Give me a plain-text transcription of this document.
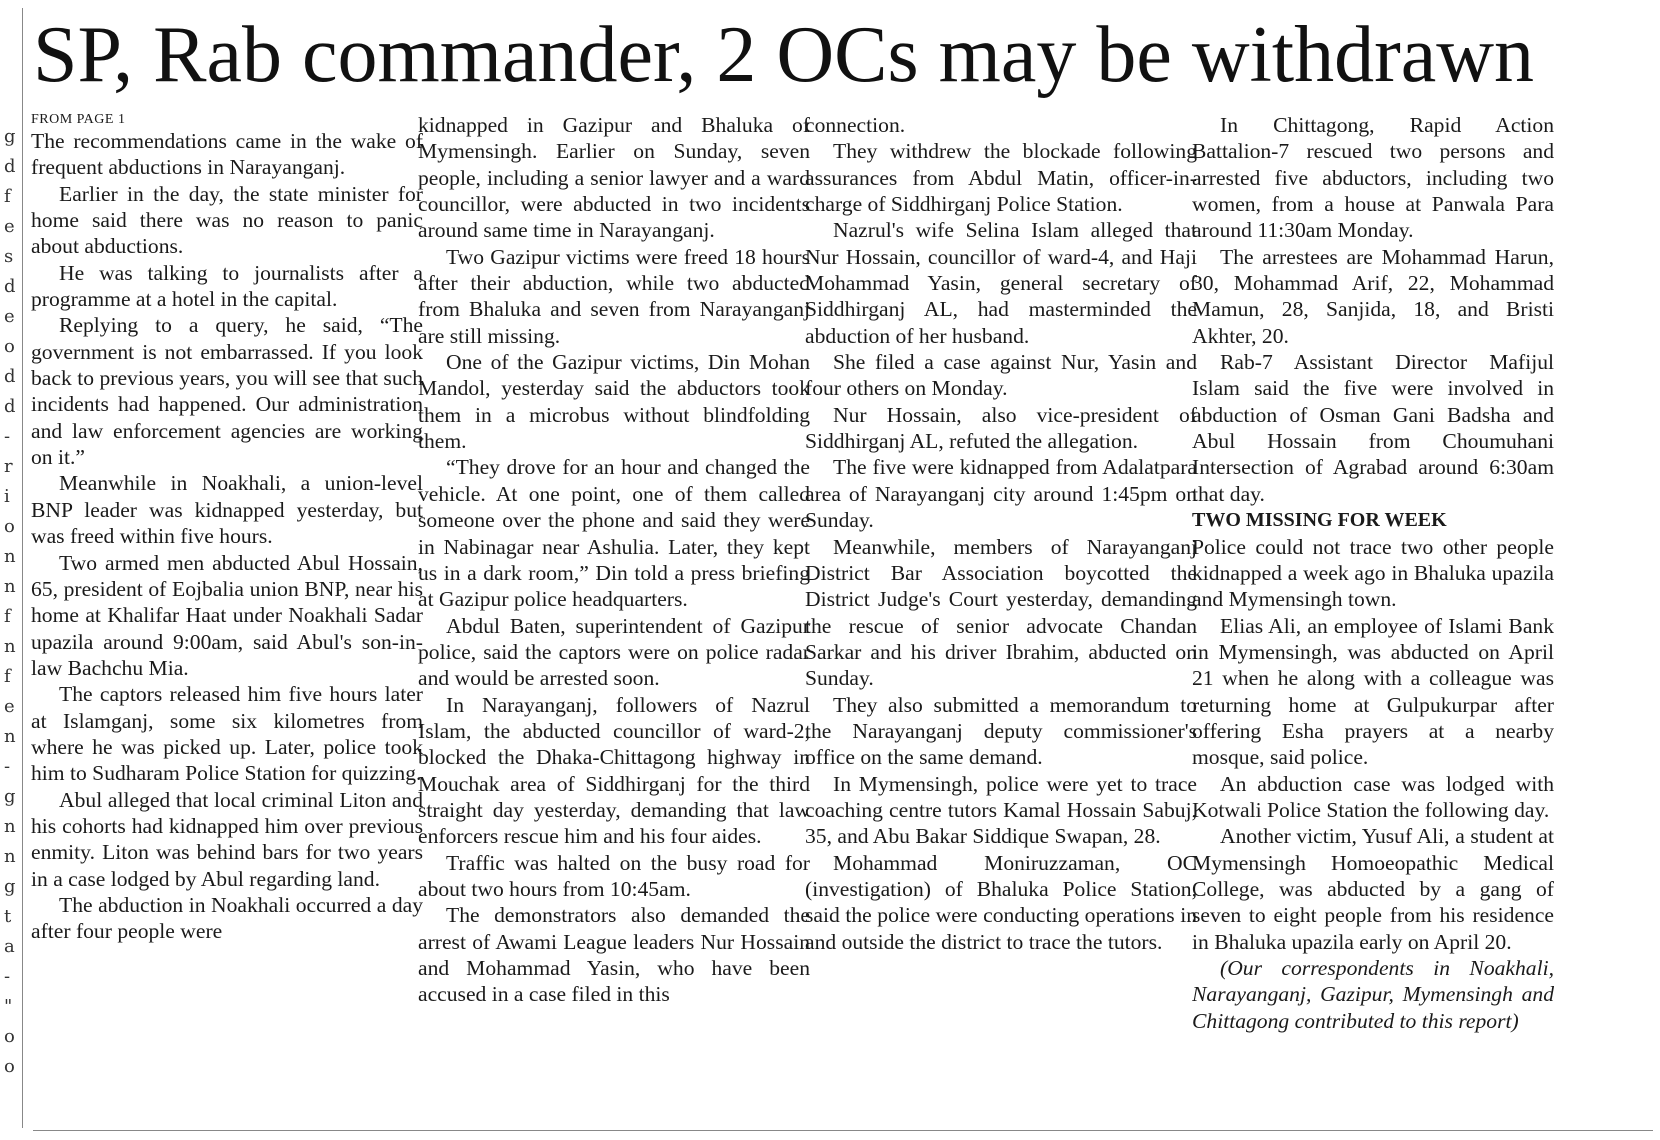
g
d
f
e
s
d
e
o
d
d
-
r
i
o
n
n
f
n
f
e
n
-
g
n
n
g
t
a
-
"
o
o
SP, Rab commander, 2 OCs may be withdrawn

FROM PAGE 1

The recommendations came in the wake of frequent abductions in Narayanganj.

Earlier in the day, the state minister for home said there was no reason to panic about abductions.

He was talking to journalists after a programme at a hotel in the capital.

Replying to a query, he said, “The government is not embarrassed. If you look back to previous years, you will see that such incidents had happened. Our administration and law enforcement agencies are working on it.”

Meanwhile in Noakhali, a union-level BNP leader was kidnapped yesterday, but was freed within five hours.

Two armed men abducted Abul Hossain, 65, president of Eojbalia union BNP, near his home at Khalifar Haat under Noakhali Sadar upazila around 9:00am, said Abul's son-in-law Bachchu Mia.

The captors released him five hours later at Islamganj, some six kilometres from where he was picked up. Later, police took him to Sudharam Police Station for quizzing.

Abul alleged that local criminal Liton and his cohorts had kidnapped him over previous enmity. Liton was behind bars for two years in a case lodged by Abul regarding land.

The abduction in Noakhali occurred a day after four people were

kidnapped in Gazipur and Bhaluka of Mymensingh. Earlier on Sunday, seven people, including a senior lawyer and a ward councillor, were abducted in two incidents around same time in Narayanganj.

Two Gazipur victims were freed 18 hours after their abduction, while two abducted from Bhaluka and seven from Narayanganj are still missing.

One of the Gazipur victims, Din Mohan Mandol, yesterday said the abductors took them in a microbus without blindfolding them.

“They drove for an hour and changed the vehicle. At one point, one of them called someone over the phone and said they were in Nabinagar near Ashulia. Later, they kept us in a dark room,” Din told a press briefing at Gazipur police headquarters.

Abdul Baten, superintendent of Gazipur police, said the captors were on police radar and would be arrested soon.

In Narayanganj, followers of Nazrul Islam, the abducted councillor of ward-2, blocked the Dhaka-Chittagong highway in Mouchak area of Siddhirganj for the third straight day yesterday, demanding that law enforcers rescue him and his four aides.

Traffic was halted on the busy road for about two hours from 10:45am.

The demonstrators also demanded the arrest of Awami League leaders Nur Hossain and Mohammad Yasin, who have been accused in a case filed in this

connection.

They withdrew the blockade following assurances from Abdul Matin, officer-in-charge of Siddhirganj Police Station.

Nazrul's wife Selina Islam alleged that Nur Hossain, councillor of ward-4, and Haji Mohammad Yasin, general secretary of Siddhirganj AL, had masterminded the abduction of her husband.

She filed a case against Nur, Yasin and four others on Monday.

Nur Hossain, also vice-president of Siddhirganj AL, refuted the allegation.

The five were kidnapped from Adalatpara area of Narayanganj city around 1:45pm on Sunday.

Meanwhile, members of Narayanganj District Bar Association boycotted the District Judge's Court yesterday, demanding the rescue of senior advocate Chandan Sarkar and his driver Ibrahim, abducted on Sunday.

They also submitted a memorandum to the Narayanganj deputy commissioner's office on the same demand.

In Mymensingh, police were yet to trace coaching centre tutors Kamal Hossain Sabuj, 35, and Abu Bakar Siddique Swapan, 28.

Mohammad Moniruzzaman, OC (investigation) of Bhaluka Police Station, said the police were conducting operations in and outside the district to trace the tutors.

In Chittagong, Rapid Action Battalion-7 rescued two persons and arrested five abductors, including two women, from a house at Panwala Para around 11:30am Monday.

The arrestees are Mohammad Harun, 30, Mohammad Arif, 22, Mohammad Mamun, 28, Sanjida, 18, and Bristi Akhter, 20.

Rab-7 Assistant Director Mafijul Islam said the five were involved in abduction of Osman Gani Badsha and Abul Hossain from Choumuhani Intersection of Agrabad around 6:30am that day.

TWO MISSING FOR WEEK

Police could not trace two other people kidnapped a week ago in Bhaluka upazila and Mymensingh town.

Elias Ali, an employee of Islami Bank in Mymensingh, was abducted on April 21 when he along with a colleague was returning home at Gulpukurpar after offering Esha prayers at a nearby mosque, said police.

An abduction case was lodged with Kotwali Police Station the following day.

Another victim, Yusuf Ali, a student at Mymensingh Homoeopathic Medical College, was abducted by a gang of seven to eight people from his residence in Bhaluka upazila early on April 20.

(Our correspondents in Noakhali, Narayanganj, Gazipur, Mymensingh and Chittagong contributed to this report)
